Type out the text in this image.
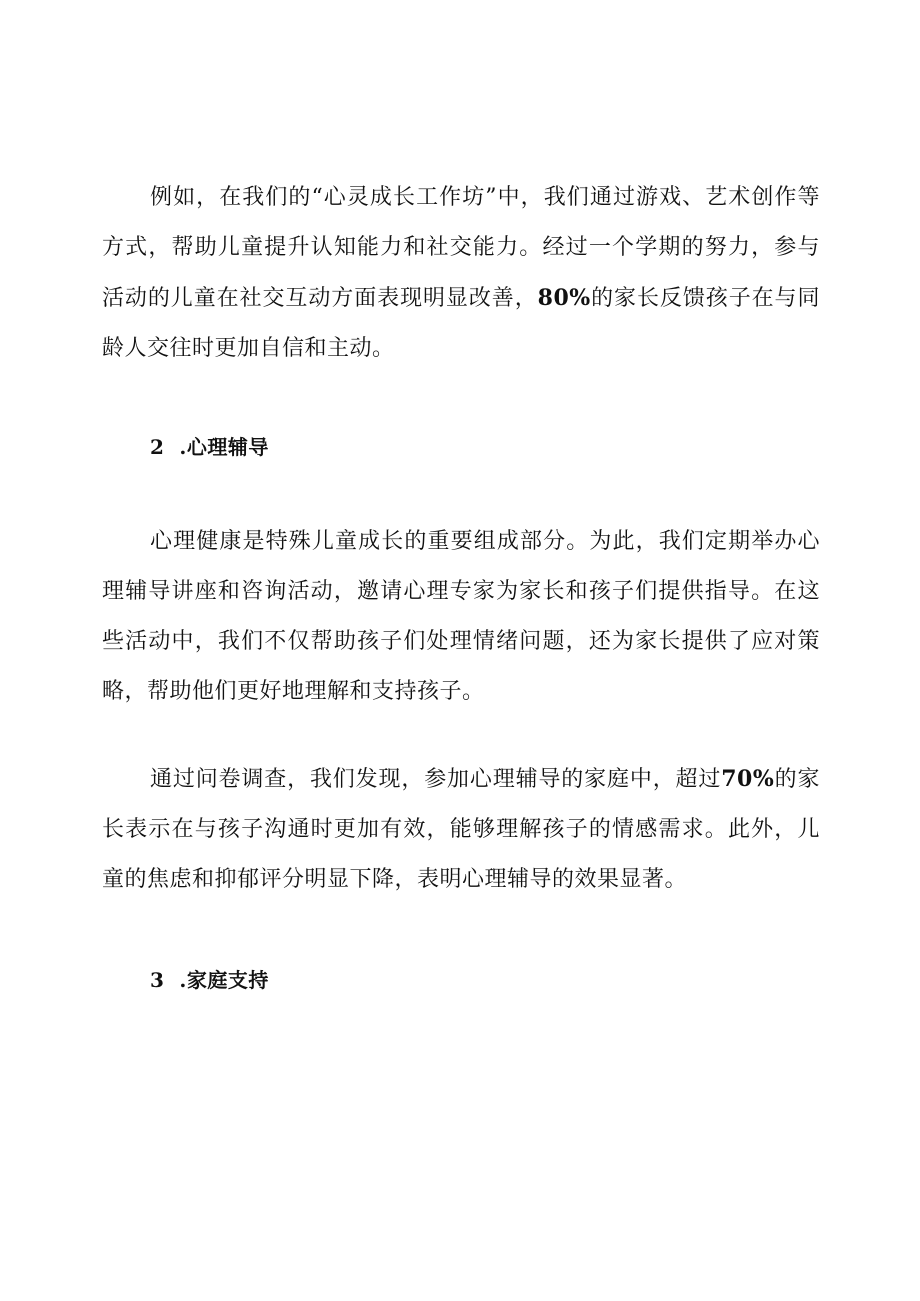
例如，在我们的“心灵成长工作坊”中，我们通过游戏、艺术创作等方式，帮助儿童提升认知能力和社交能力。经过一个学期的努力，参与活动的儿童在社交互动方面表现明显改善，80%的家长反馈孩子在与同龄人交往时更加自信和主动。

2 .心理辅导

心理健康是特殊儿童成长的重要组成部分。为此，我们定期举办心理辅导讲座和咨询活动，邀请心理专家为家长和孩子们提供指导。在这些活动中，我们不仅帮助孩子们处理情绪问题，还为家长提供了应对策略，帮助他们更好地理解和支持孩子。

通过问卷调查，我们发现，参加心理辅导的家庭中，超过70%的家长表示在与孩子沟通时更加有效，能够理解孩子的情感需求。此外，儿童的焦虑和抑郁评分明显下降，表明心理辅导的效果显著。

3 .家庭支持
